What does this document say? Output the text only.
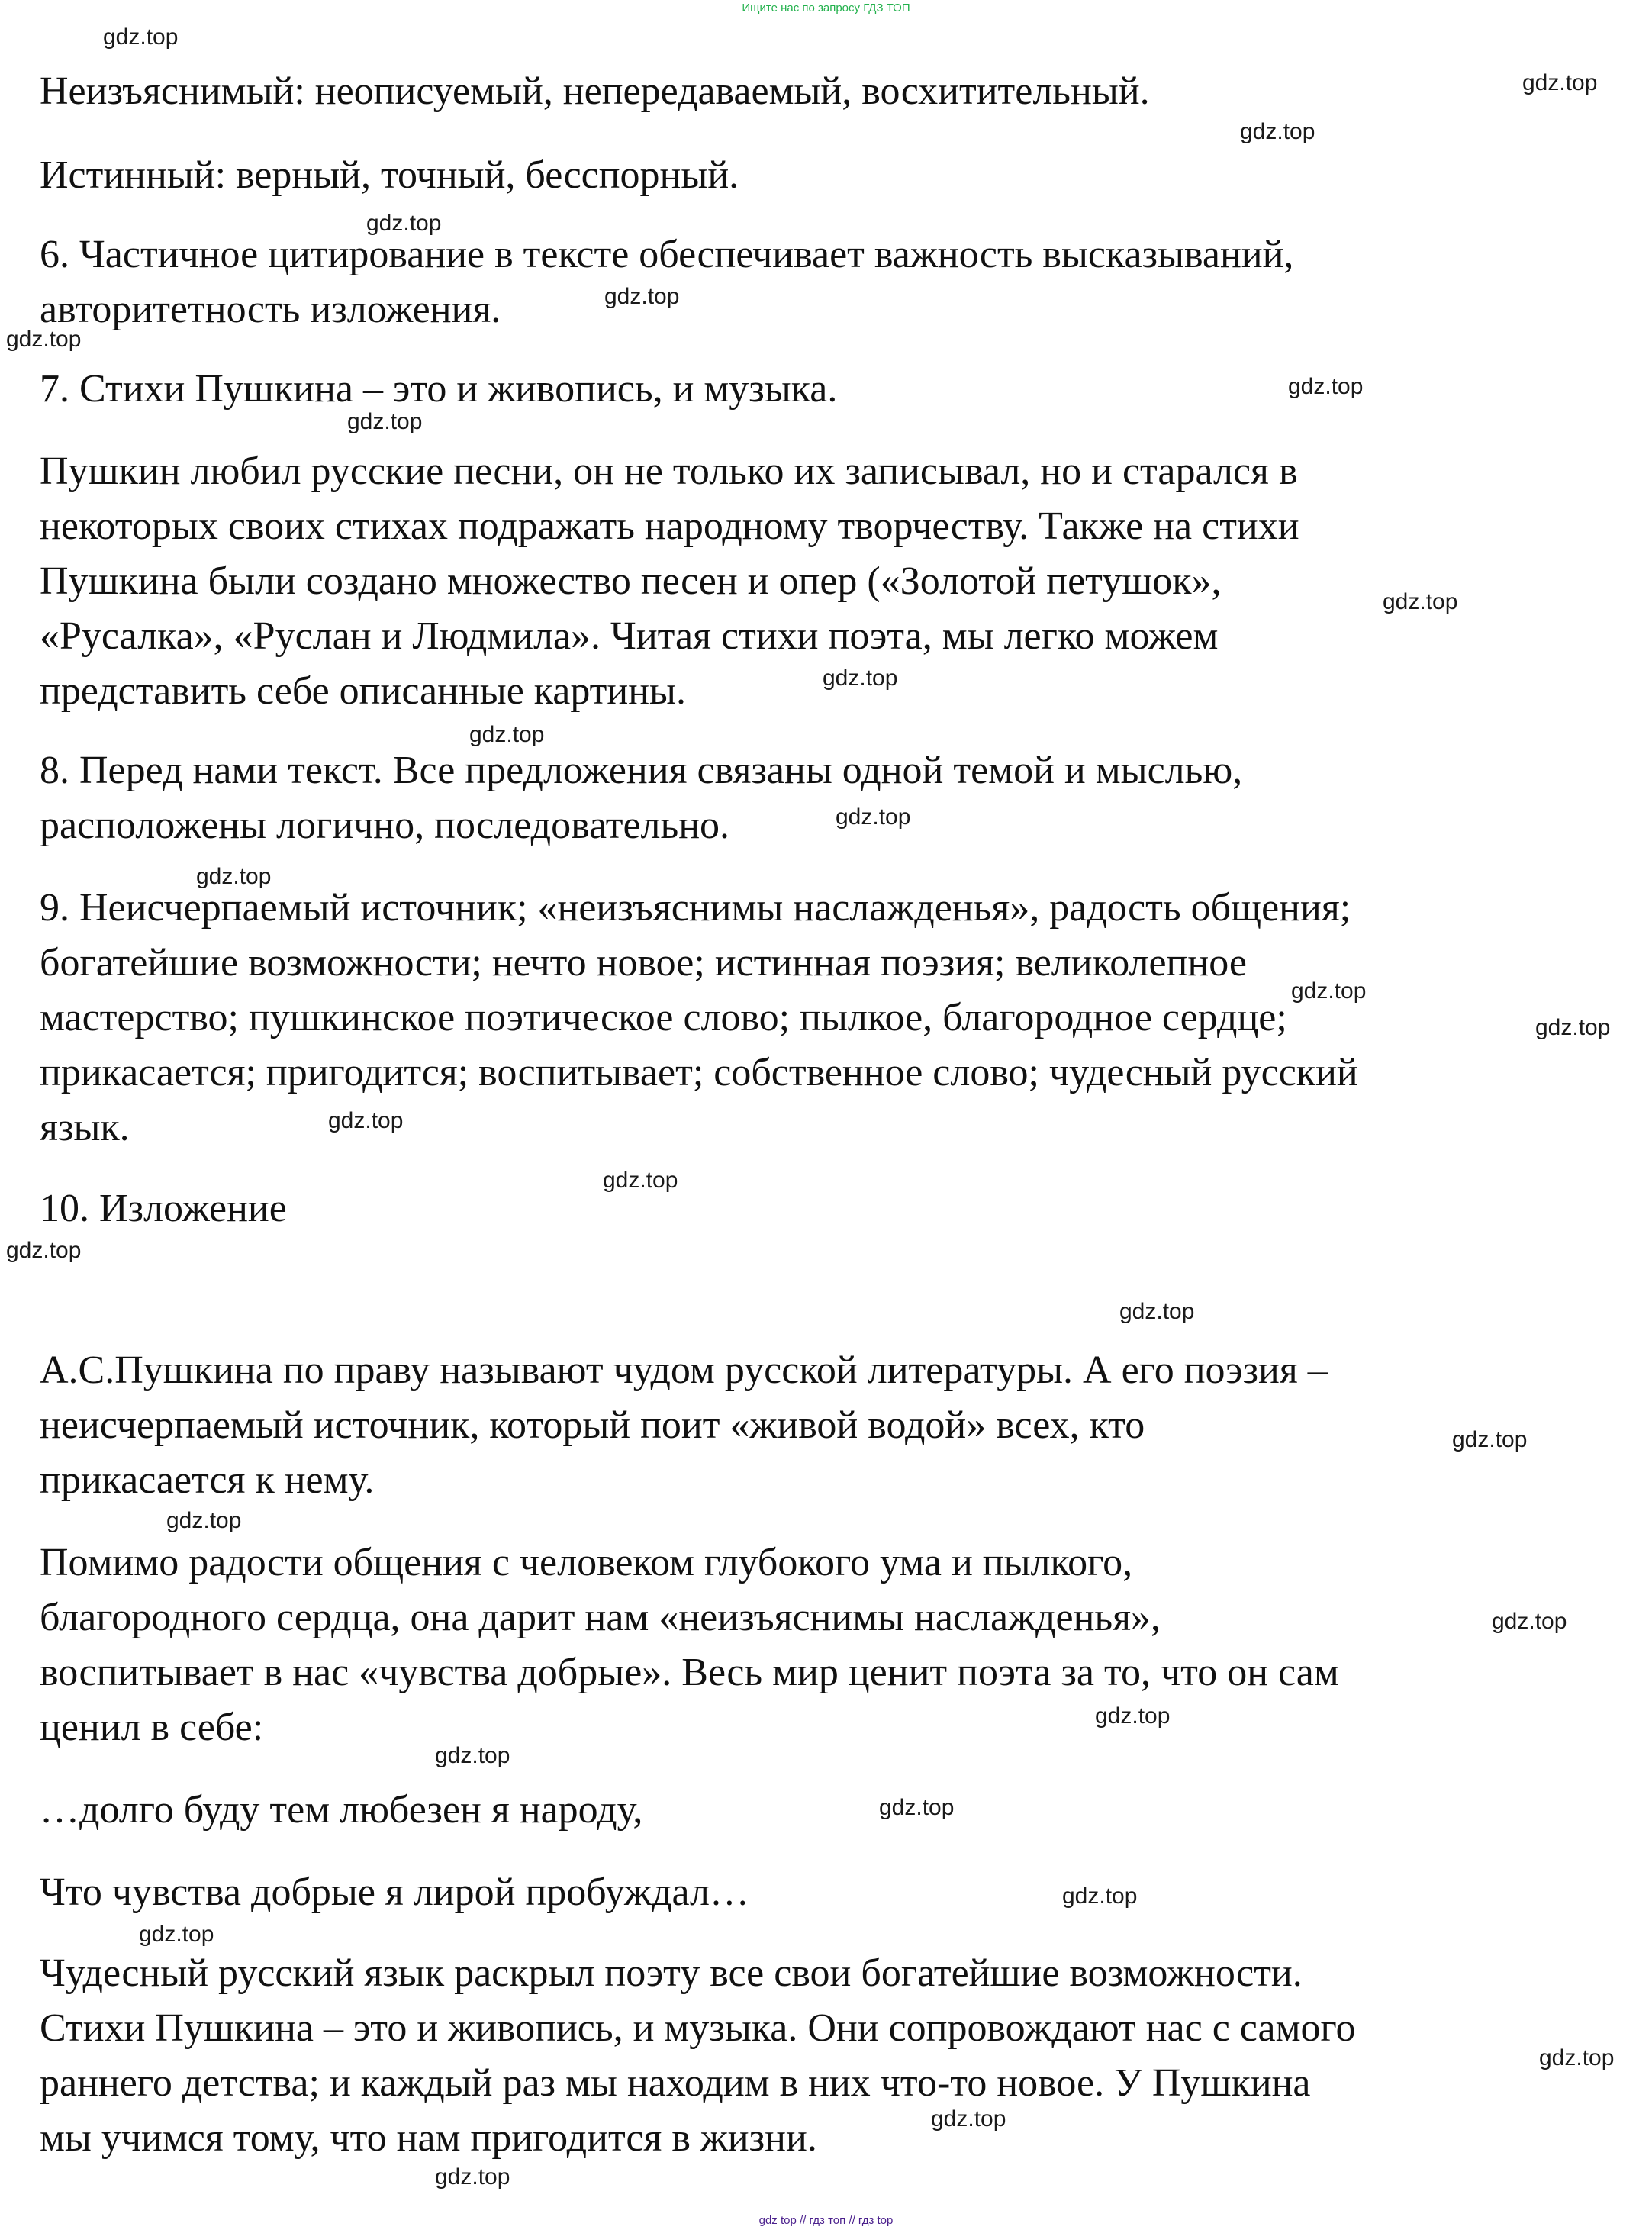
Ищите нас по запросу ГДЗ ТОП

Неизъяснимый: неописуемый, непередаваемый, восхитительный.

Истинный: верный, точный, бесспорный.

6. Частичное цитирование в тексте обеспечивает важность высказываний,

авторитетность изложения.

7. Стихи Пушкина – это и живопись, и музыка.

Пушкин любил русские песни, он не только их записывал, но и старался в

некоторых своих стихах подражать народному творчеству. Также на стихи

Пушкина были создано множество песен и опер («Золотой петушок»,

«Русалка», «Руслан и Людмила». Читая стихи поэта, мы легко можем

представить себе описанные картины.

8. Перед нами текст. Все предложения связаны одной темой и мыслью,

расположены логично, последовательно.

9. Неисчерпаемый источник; «неизъяснимы наслажденья», радость общения;

богатейшие возможности; нечто новое; истинная поэзия; великолепное

мастерство; пушкинское поэтическое слово; пылкое, благородное сердце;

прикасается; пригодится; воспитывает; собственное слово; чудесный русский

язык.

10. Изложение

А.С.Пушкина по праву называют чудом русской литературы. А его поэзия –

неисчерпаемый источник, который поит «живой водой» всех, кто

прикасается к нему.

Помимо радости общения с человеком глубокого ума и пылкого,

благородного сердца, она дарит нам «неизъяснимы наслажденья»,

воспитывает в нас «чувства добрые». Весь мир ценит поэта за то, что он сам

ценил в себе:

…долго буду тем любезен я народу,

Что чувства добрые я лирой пробуждал…

Чудесный русский язык раскрыл поэту все свои богатейшие возможности.

Стихи Пушкина – это и живопись, и музыка. Они сопровождают нас с самого

раннего детства; и каждый раз мы находим в них что-то новое. У Пушкина

мы учимся тому, что нам пригодится в жизни.

gdz.top
gdz.top
gdz.top
gdz.top
gdz.top
gdz.top
gdz.top
gdz.top
gdz.top
gdz.top
gdz.top
gdz.top
gdz.top
gdz.top
gdz.top
gdz.top
gdz.top
gdz.top
gdz.top
gdz.top
gdz.top
gdz.top
gdz.top
gdz.top
gdz.top
gdz.top
gdz.top
gdz.top
gdz.top
gdz.top
gdz top // гдз топ // гдз top
